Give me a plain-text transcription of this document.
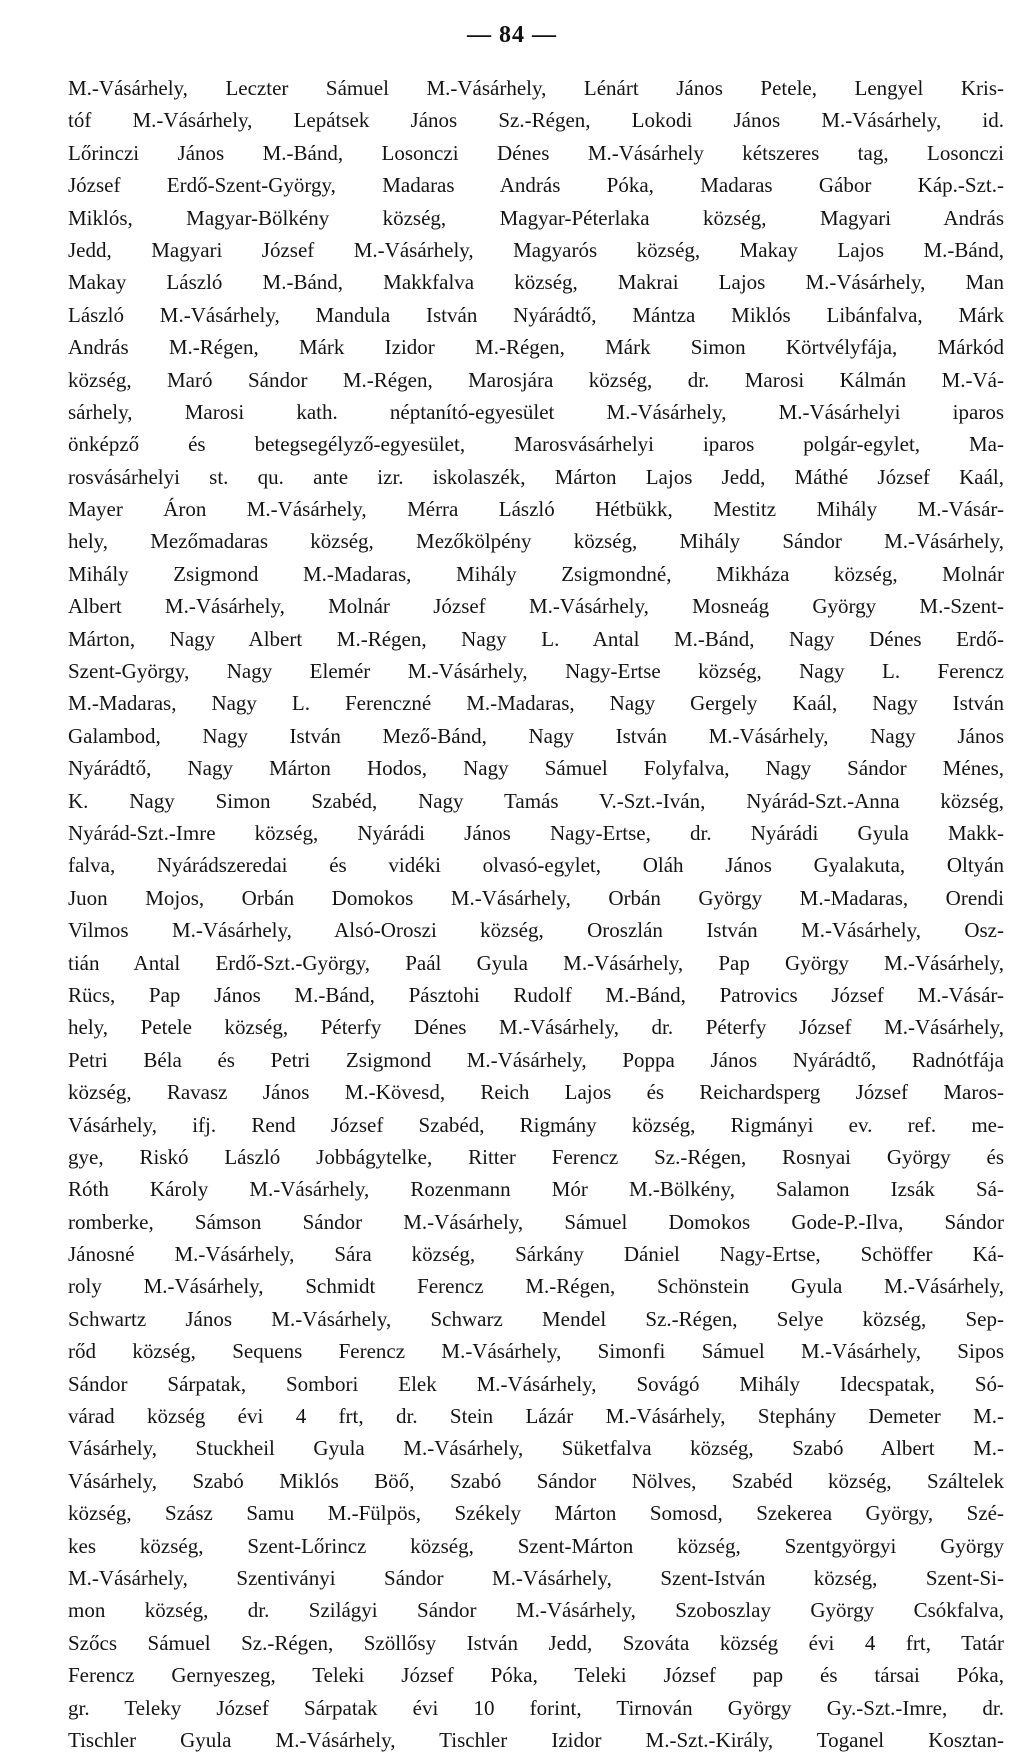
— 84 —
M.-Vásárhely, Leczter Sámuel M.-Vásárhely, Lénárt János Petele, Lengyel Kris-
tóf M.-Vásárhely, Lepátsek János Sz.-Régen, Lokodi János M.-Vásárhely, id.
Lőrinczi János M.-Bánd, Losonczi Dénes M.-Vásárhely kétszeres tag, Losonczi
József Erdő-Szent-György, Madaras András Póka, Madaras Gábor Káp.-Szt.-
Miklós, Magyar-Bölkény község, Magyar-Péterlaka község, Magyari András
Jedd, Magyari József M.-Vásárhely, Magyarós község, Makay Lajos M.-Bánd,
Makay László M.-Bánd, Makkfalva község, Makrai Lajos M.-Vásárhely, Man
László M.-Vásárhely, Mandula István Nyárádtő, Mántza Miklós Libánfalva, Márk
András M.-Régen, Márk Izidor M.-Régen, Márk Simon Körtvélyfája, Márkód
község, Maró Sándor M.-Régen, Marosjára község, dr. Marosi Kálmán M.-Vá-
sárhely, Marosi kath. néptanító-egyesület M.-Vásárhely, M.-Vásárhelyi iparos
önképző és betegsegélyző-egyesület, Marosvásárhelyi iparos polgár-egylet, Ma-
rosvásárhelyi st. qu. ante izr. iskolaszék, Márton Lajos Jedd, Máthé József Kaál,
Mayer Áron M.-Vásárhely, Mérra László Hétbükk, Mestitz Mihály M.-Vásár-
hely, Mezőmadaras község, Mezőkölpény község, Mihály Sándor M.-Vásárhely,
Mihály Zsigmond M.-Madaras, Mihály Zsigmondné, Mikháza község, Molnár
Albert M.-Vásárhely, Molnár József M.-Vásárhely, Mosneág György M.-Szent-
Márton, Nagy Albert M.-Régen, Nagy L. Antal M.-Bánd, Nagy Dénes Erdő-
Szent-György, Nagy Elemér M.-Vásárhely, Nagy-Ertse község, Nagy L. Ferencz
M.-Madaras, Nagy L. Ferenczné M.-Madaras, Nagy Gergely Kaál, Nagy István
Galambod, Nagy István Mező-Bánd, Nagy István M.-Vásárhely, Nagy János
Nyárádtő, Nagy Márton Hodos, Nagy Sámuel Folyfalva, Nagy Sándor Ménes,
K. Nagy Simon Szabéd, Nagy Tamás V.-Szt.-Iván, Nyárád-Szt.-Anna község,
Nyárád-Szt.-Imre község, Nyárádi János Nagy-Ertse, dr. Nyárádi Gyula Makk-
falva, Nyárádszeredai és vidéki olvasó-egylet, Oláh János Gyalakuta, Oltyán
Juon Mojos, Orbán Domokos M.-Vásárhely, Orbán György M.-Madaras, Orendi
Vilmos M.-Vásárhely, Alsó-Oroszi község, Oroszlán István M.-Vásárhely, Osz-
tián Antal Erdő-Szt.-György, Paál Gyula M.-Vásárhely, Pap György M.-Vásárhely,
Rücs, Pap János M.-Bánd, Pásztohi Rudolf M.-Bánd, Patrovics József M.-Vásár-
hely, Petele község, Péterfy Dénes M.-Vásárhely, dr. Péterfy József M.-Vásárhely,
Petri Béla és Petri Zsigmond M.-Vásárhely, Poppa János Nyárádtő, Radnótfája
község, Ravasz János M.-Kövesd, Reich Lajos és Reichardsperg József Maros-
Vásárhely, ifj. Rend József Szabéd, Rigmány község, Rigmányi ev. ref. me-
gye, Riskó László Jobbágytelke, Ritter Ferencz Sz.-Régen, Rosnyai György és
Róth Károly M.-Vásárhely, Rozenmann Mór M.-Bölkény, Salamon Izsák Sá-
romberke, Sámson Sándor M.-Vásárhely, Sámuel Domokos Gode-P.-Ilva, Sándor
Jánosné M.-Vásárhely, Sára község, Sárkány Dániel Nagy-Ertse, Schöffer Ká-
roly M.-Vásárhely, Schmidt Ferencz M.-Régen, Schönstein Gyula M.-Vásárhely,
Schwartz János M.-Vásárhely, Schwarz Mendel Sz.-Régen, Selye község, Sep-
rőd község, Sequens Ferencz M.-Vásárhely, Simonfi Sámuel M.-Vásárhely, Sipos
Sándor Sárpatak, Sombori Elek M.-Vásárhely, Sovágó Mihály Idecspatak, Só-
várad község évi 4 frt, dr. Stein Lázár M.-Vásárhely, Stephány Demeter M.-
Vásárhely, Stuckheil Gyula M.-Vásárhely, Süketfalva község, Szabó Albert M.-
Vásárhely, Szabó Miklós Böő, Szabó Sándor Nölves, Szabéd község, Száltelek
község, Szász Samu M.-Fülpös, Székely Márton Somosd, Szekerea György, Szé-
kes község, Szent-Lőrincz község, Szent-Márton község, Szentgyörgyi György
M.-Vásárhely, Szentiványi Sándor M.-Vásárhely, Szent-István község, Szent-Si-
mon község, dr. Szilágyi Sándor M.-Vásárhely, Szoboszlay György Csókfalva,
Szőcs Sámuel Sz.-Régen, Szöllősy István Jedd, Szováta község évi 4 frt, Tatár
Ferencz Gernyeszeg, Teleki József Póka, Teleki József pap és társai Póka,
gr. Teleky József Sárpatak évi 10 forint, Tirnován György Gy.-Szt.-Imre, dr.
Tischler Gyula M.-Vásárhely, Tischler Izidor M.-Szt.-Király, Toganel Kosztan-
